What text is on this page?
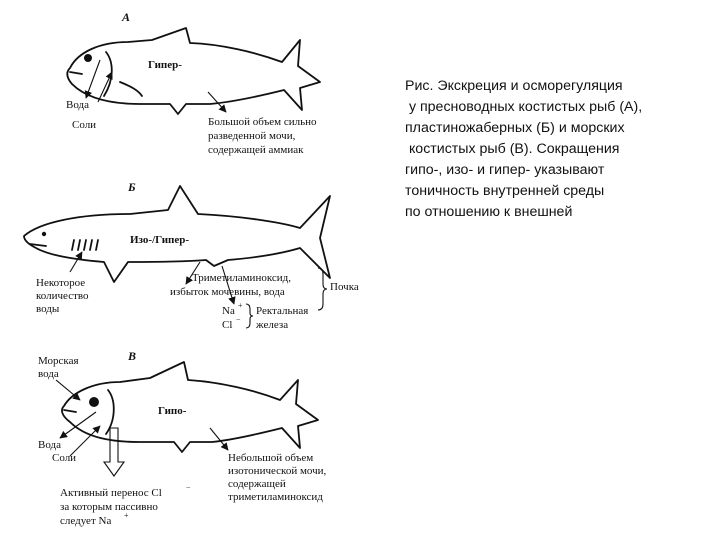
А
Гипер-
Вода
Соли	Большой объем сильно
разведенной мочи,
содержащей аммиак
Б
Изо-/Гипер-
Некоторое
количество
воды
Триметиламиноксид,
избыток мочевины, вода	Почка
Na +
Cl −
Ректальная
железа
В
Гипо-
Морская
вода
Вода
Соли	Небольшой объем
изотонической мочи,
содержащей
триметиламиноксид
Активный перенос Cl	−
за которым пассивно
следует Na +
Рис. Экскреция и осморегуляция
у пресноводных костистых рыб (А),
пластиножаберных (Б) и морских
костистых рыб (В). Сокращения
гипо-, изо- и гипер- указывают
тоничность внутренней среды
по отношению к внешней
